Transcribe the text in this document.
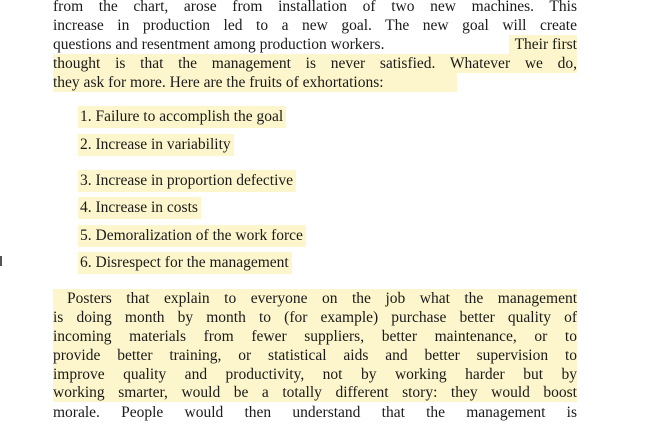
from the chart, arose from installation of two new machines. This
increase in production led to a new goal. The new goal will create
questions and resentment among production workers.	Their first
thought is that the management is never satisfied. Whatever we do,
they ask for more. Here are the fruits of exhortations:
1. Failure to accomplish the goal
2. Increase in variability
3. Increase in proportion defective
4. Increase in costs
5. Demoralization of the work force
6. Disrespect for the management
Posters that explain to everyone on the job what the management
is doing month by month to (for example) purchase better quality of
incoming materials from fewer suppliers, better maintenance, or to
provide better training, or statistical aids and better supervision to
improve quality and productivity, not by working harder but by
working smarter, would be a totally different story: they would boost
morale. People would then understand that the management is
